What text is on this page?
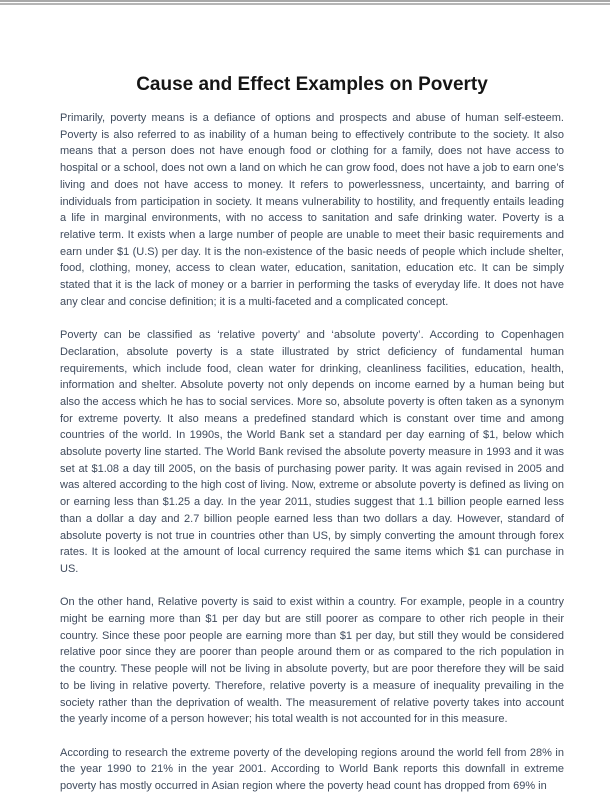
Cause and Effect Examples on Poverty

Primarily, poverty means is a defiance of options and prospects and abuse of human self-esteem. Poverty is also referred to as inability of a human being to effectively contribute to the society. It also means that a person does not have enough food or clothing for a family, does not have access to hospital or a school, does not own a land on which he can grow food, does not have a job to earn one’s living and does not have access to money. It refers to powerlessness, uncertainty, and barring of individuals from participation in society. It means vulnerability to hostility, and frequently entails leading a life in marginal environments, with no access to sanitation and safe drinking water. Poverty is a relative term. It exists when a large number of people are unable to meet their basic requirements and earn under $1 (U.S) per day. It is the non-existence of the basic needs of people which include shelter, food, clothing, money, access to clean water, education, sanitation, education etc. It can be simply stated that it is the lack of money or a barrier in performing the tasks of everyday life. It does not have any clear and concise definition; it is a multi-faceted and a complicated concept.

Poverty can be classified as ‘relative poverty’ and ‘absolute poverty’. According to Copenhagen Declaration, absolute poverty is a state illustrated by strict deficiency of fundamental human requirements, which include food, clean water for drinking, cleanliness facilities, education, health, information and shelter. Absolute poverty not only depends on income earned by a human being but also the access which he has to social services. More so, absolute poverty is often taken as a synonym for extreme poverty. It also means a predefined standard which is constant over time and among countries of the world. In 1990s, the World Bank set a standard per day earning of $1, below which absolute poverty line started. The World Bank revised the absolute poverty measure in 1993 and it was set at $1.08 a day till 2005, on the basis of purchasing power parity. It was again revised in 2005 and was altered according to the high cost of living. Now, extreme or absolute poverty is defined as living on or earning less than $1.25 a day. In the year 2011, studies suggest that 1.1 billion people earned less than a dollar a day and 2.7 billion people earned less than two dollars a day. However, standard of absolute poverty is not true in countries other than US, by simply converting the amount through forex rates. It is looked at the amount of local currency required the same items which $1 can purchase in US.

On the other hand, Relative poverty is said to exist within a country. For example, people in a country might be earning more than $1 per day but are still poorer as compare to other rich people in their country. Since these poor people are earning more than $1 per day, but still they would be considered relative poor since they are poorer than people around them or as compared to the rich population in the country. These people will not be living in absolute poverty, but are poor therefore they will be said to be living in relative poverty. Therefore, relative poverty is a measure of inequality prevailing in the society rather than the deprivation of wealth. The measurement of relative poverty takes into account the yearly income of a person however; his total wealth is not accounted for in this measure.

According to research the extreme poverty of the developing regions around the world fell from 28% in the year 1990 to 21% in the year 2001. According to World Bank reports this downfall in extreme poverty has mostly occurred in Asian region where the poverty head count has dropped from 69% in
